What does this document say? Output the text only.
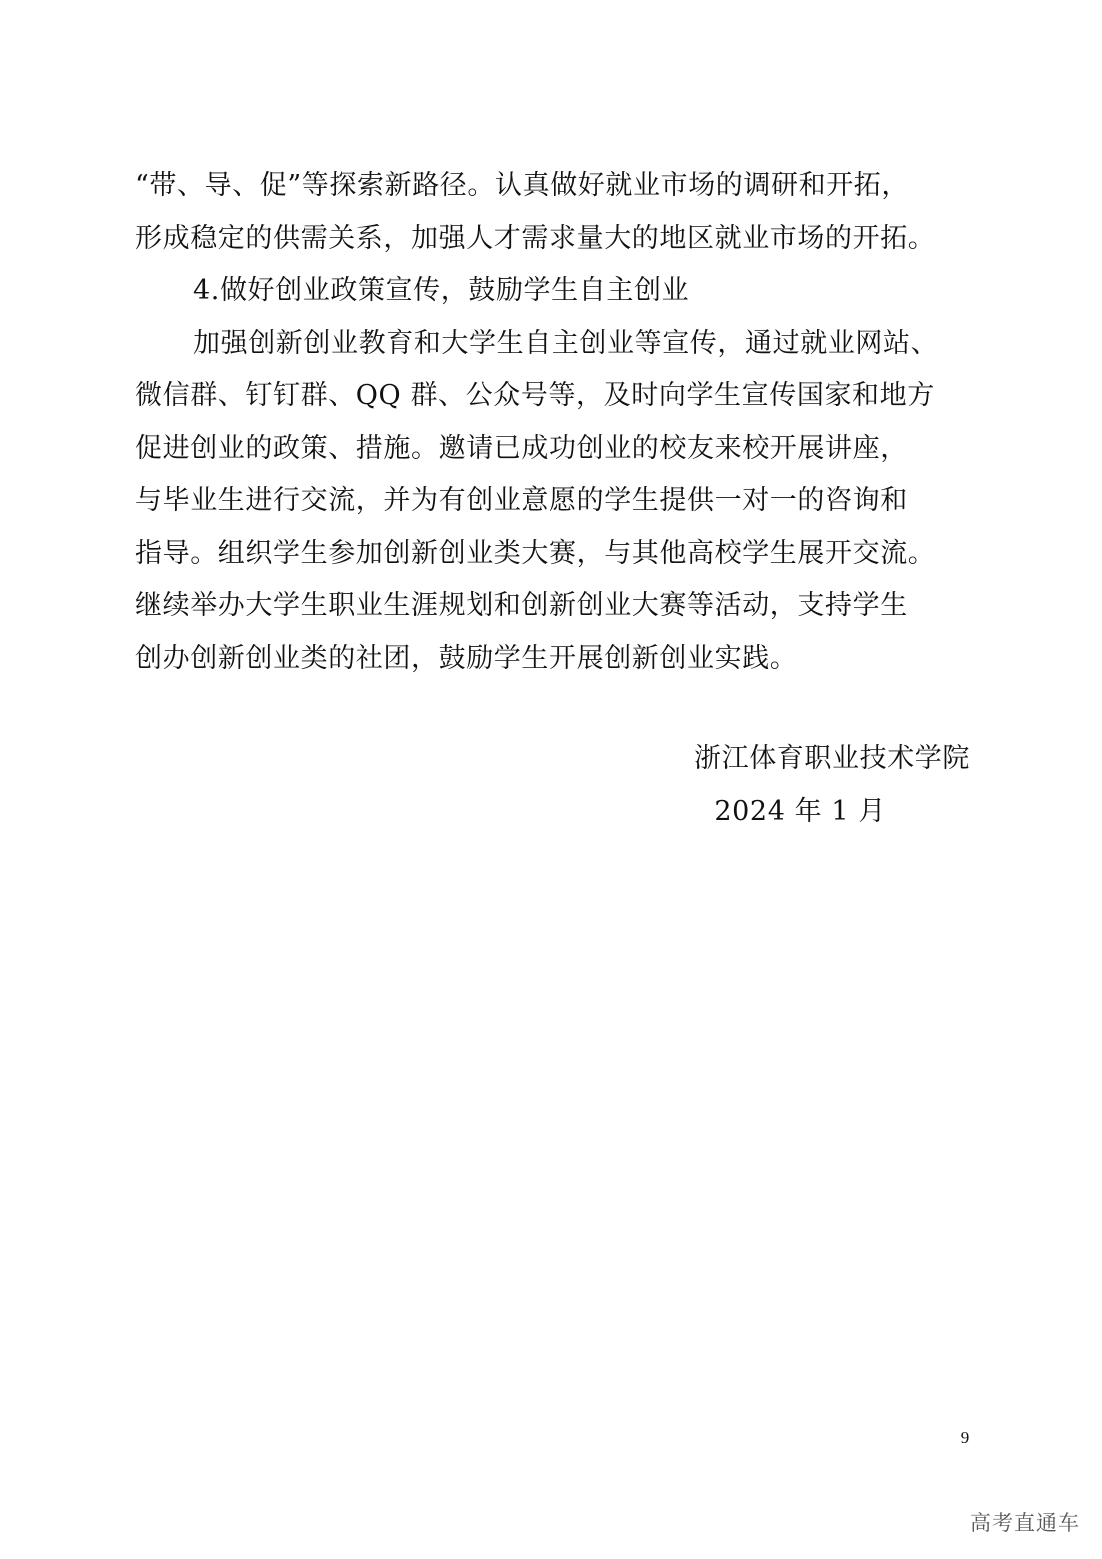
“带、导、促”等探索新路径。认真做好就业市场的调研和开拓，
形成稳定的供需关系，加强人才需求量大的地区就业市场的开拓。
4.做好创业政策宣传，鼓励学生自主创业
加强创新创业教育和大学生自主创业等宣传，通过就业网站、
微信群、钉钉群、QQ 群、公众号等，及时向学生宣传国家和地方
促进创业的政策、措施。邀请已成功创业的校友来校开展讲座，
与毕业生进行交流，并为有创业意愿的学生提供一对一的咨询和
指导。组织学生参加创新创业类大赛，与其他高校学生展开交流。
继续举办大学生职业生涯规划和创新创业大赛等活动，支持学生
创办创新创业类的社团，鼓励学生开展创新创业实践。
浙江体育职业技术学院
2024 年 1 月
9
高考直通车
